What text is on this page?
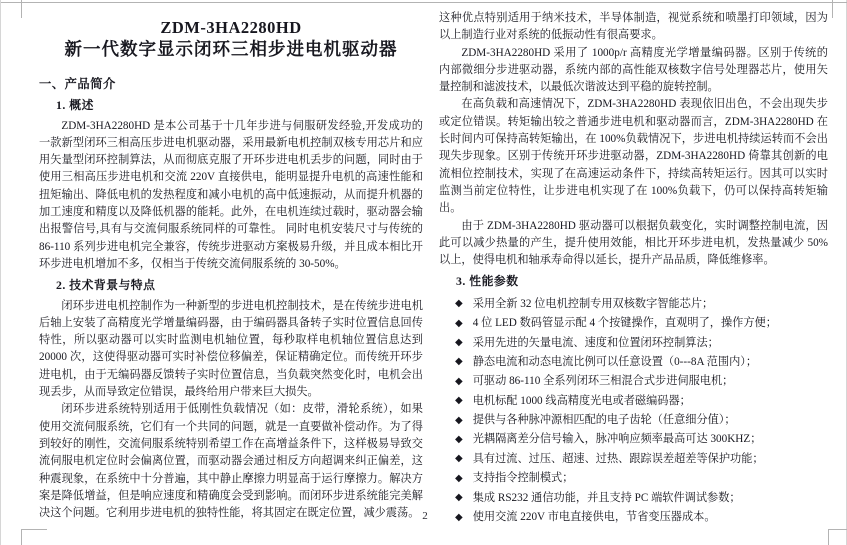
ZDM-3HA2280HD
新一代数字显示闭环三相步进电机驱动器
一、产品简介
1. 概述

ZDM-3HA2280HD 是本公司基于十几年步进与伺服研发经验,开发成功的一款新型闭环三相高压步进电机驱动器，采用最新电机控制双核专用芯片和应用矢量型闭环控制算法，从而彻底克服了开环步进电机丢步的问题，同时由于使用三相高压步进电机和交流 220V 直接供电，能明显提升电机的高速性能和扭矩输出、降低电机的发热程度和减小电机的高中低速振动，从而提升机器的加工速度和精度以及降低机器的能耗。此外，在电机连续过载时，驱动器会输出报警信号,具有与交流伺服系统同样的可靠性。 同时电机安装尺寸与传统的86-110 系列步进电机完全兼容，传统步进驱动方案极易升级，并且成本相比开环步进电机增加不多，仅相当于传统交流伺服系统的 30-50%。

2. 技术背景与特点

闭环步进电机控制作为一种新型的步进电机控制技术，是在传统步进电机后轴上安装了高精度光学增量编码器，由于编码器具备转子实时位置信息回传特性，所以驱动器可以实时监测电机轴位置，每秒取样电机轴位置信息达到20000 次，这使得驱动器可实时补偿位移偏差，保证精确定位。而传统开环步进电机，由于无编码器反馈转子实时位置信息，当负载突然变化时，电机会出现丢步，从而导致定位错误，最终给用户带来巨大损失。

闭环步进系统特别适用于低刚性负载情况（如：皮带，滑轮系统），如果使用交流伺服系统，它们有一个共同的问题，就是一直要做补偿动作。为了得到较好的刚性，交流伺服系统特别希望工作在高增益条件下，这样极易导致交流伺服电机定位时会偏离位置，而驱动器会通过相反方向超调来纠正偏差，这种震现象，在系统中十分普遍，其中静止摩擦力明显高于运行摩擦力。解决方案是降低增益，但是响应速度和精确度会受到影响。而闭环步进系统能完美解决这个问题。它利用步进电机的独特性能，将其固定在既定位置，减少震荡。

这种优点特别适用于纳米技术，半导体制造，视觉系统和喷墨打印领域，因为以上制造行业对系统的低振动性有很高要求。

ZDM-3HA2280HD 采用了 1000p/r 高精度光学增量编码器。区别于传统的内部微细分步进驱动器，系统内部的高性能双核数字信号处理器芯片，使用矢量控制和滤波技术，以最低次谐波达到平稳的旋转控制。

在高负载和高速情况下，ZDM-3HA2280HD 表现依旧出色，不会出现失步或定位错误。转矩输出较之普通步进电机和驱动器而言，ZDM-3HA2280HD 在长时间内可保持高转矩输出，在 100%负载情况下，步进电机持续运转而不会出现失步现象。区别于传统开环步进驱动器，ZDM-3HA2280HD 倚靠其创新的电流相位控制技术，实现了在高速运动条件下，持续高转矩运行。因其可以实时监测当前定位特性，让步进电机实现了在 100%负载下，仍可以保持高转矩输出。

由于 ZDM-3HA2280HD 驱动器可以根据负载变化，实时调整控制电流，因此可以减少热量的产生，提升使用效能，相比开环步进电机，发热量减少 50%以上，使得电机和轴承寿命得以延长，提升产品品质，降低维修率。

3. 性能参数
◆ 采用全新 32 位电机控制专用双核数字智能芯片；
◆ 4 位 LED 数码管显示配 4 个按键操作，直观明了，操作方便；
◆ 采用先进的矢量电流、速度和位置闭环控制算法；
◆ 静态电流和动态电流比例可以任意设置（0---8A 范围内）；
◆ 可驱动 86-110 全系列闭环三相混合式步进伺服电机；
◆ 电机标配 1000 线高精度光电或者磁编码器；
◆ 提供与各种脉冲源相匹配的电子齿轮（任意细分值）；
◆ 光耦隔离差分信号输入，脉冲响应频率最高可达 300KHZ；
◆ 具有过流、过压、超速、过热、跟踪误差超差等保护功能；
◆ 支持指令控制模式；
◆ 集成 RS232 通信功能，并且支持 PC 端软件调试参数；
◆ 使用交流 220V 市电直接供电，节省变压器成本。
2
